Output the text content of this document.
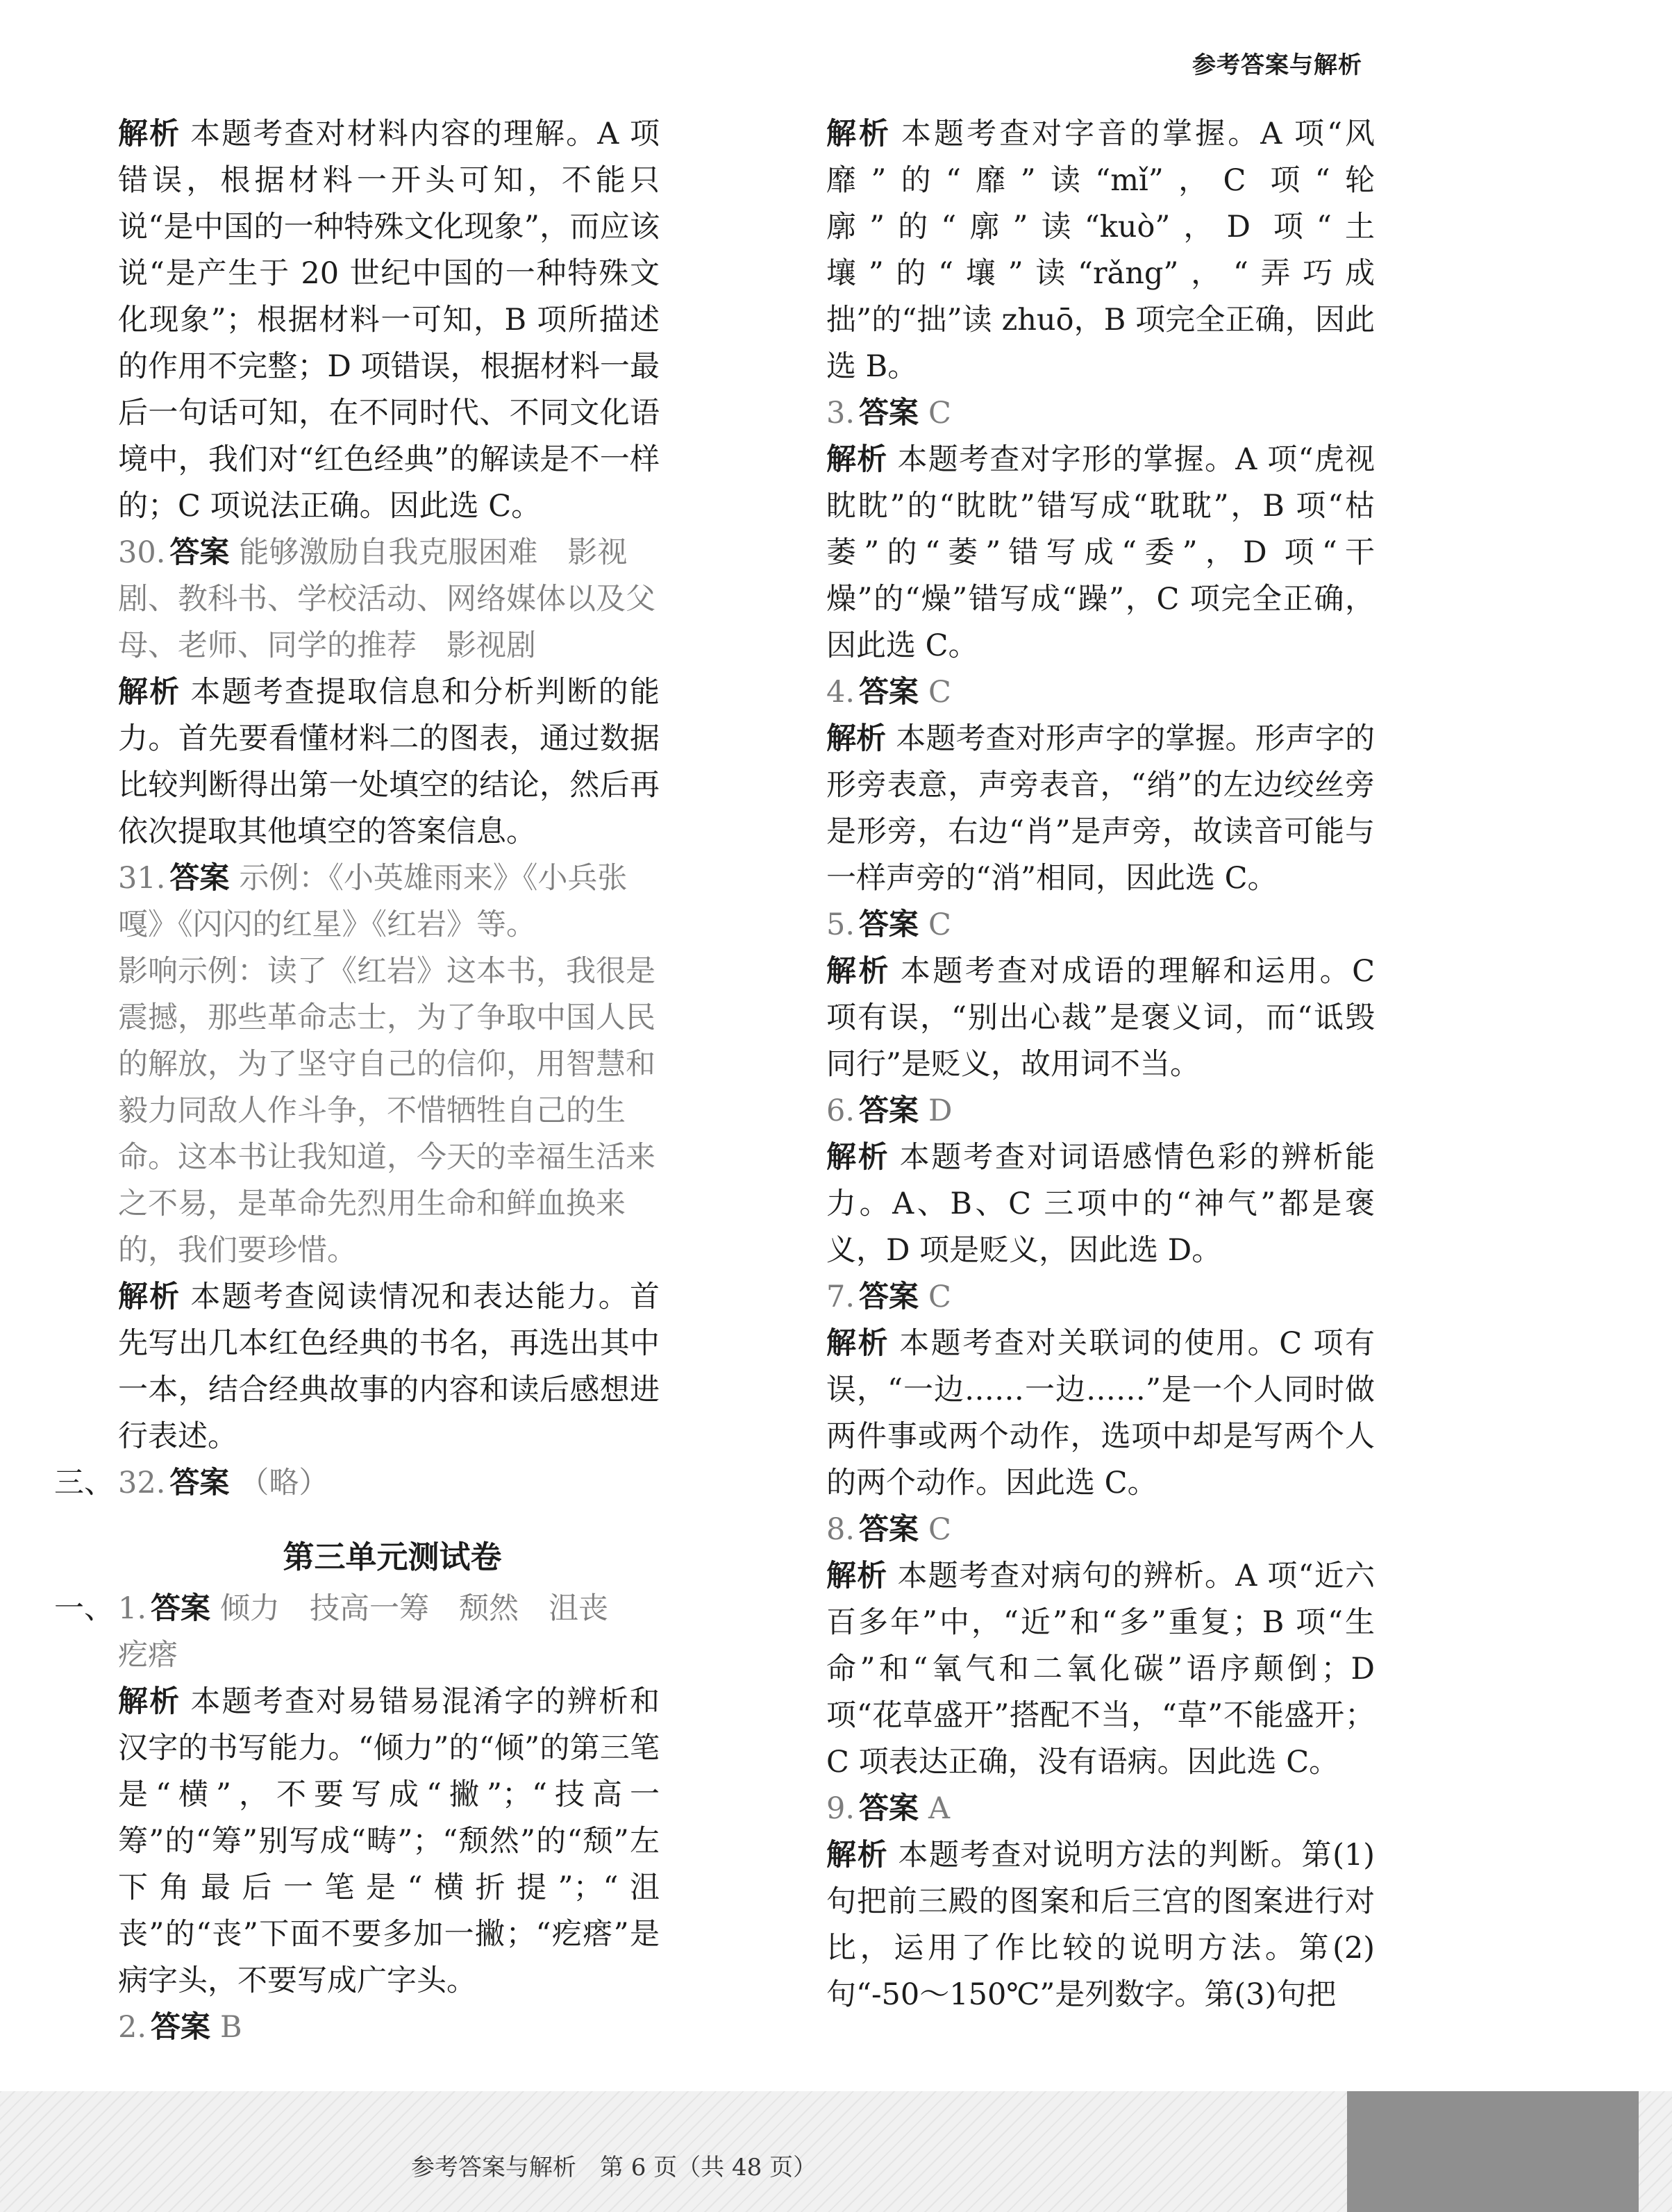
参考答案与解析

解析 本题考查对材料内容的理解。A 项错误，根据材料一开头可知，不能只说“是中国的一种特殊文化现象”，而应该说“是产生于 20 世纪中国的一种特殊文化现象”；根据材料一可知，B 项所描述的作用不完整；D 项错误，根据材料一最后一句话可知，在不同时代、不同文化语境中，我们对“红色经典”的解读是不一样的；C 项说法正确。因此选 C。

30. 答案 能够激励自我克服困难　影视剧、教科书、学校活动、网络媒体以及父母、老师、同学的推荐　影视剧

解析 本题考查提取信息和分析判断的能力。首先要看懂材料二的图表，通过数据比较判断得出第一处填空的结论，然后再依次提取其他填空的答案信息。

31. 答案 示例：《小英雄雨来》《小兵张嘎》《闪闪的红星》《红岩》等。

影响示例：读了《红岩》这本书，我很是震撼，那些革命志士，为了争取中国人民的解放，为了坚守自己的信仰，用智慧和毅力同敌人作斗争，不惜牺牲自己的生命。这本书让我知道，今天的幸福生活来之不易，是革命先烈用生命和鲜血换来的，我们要珍惜。

解析 本题考查阅读情况和表达能力。首先写出几本红色经典的书名，再选出其中一本，结合经典故事的内容和读后感想进行表述。

三、 32. 答案 （略）

第三单元测试卷

一、 1. 答案 倾力　技高一筹　颓然　沮丧　疙瘩

解析 本题考查对易错易混淆字的辨析和汉字的书写能力。“倾力”的“倾”的第三笔是“横”，不要写成“撇”；“技高一筹”的“筹”别写成“畴”；“颓然”的“颓”左下角最后一笔是“横折提”；“沮丧”的“丧”下面不要多加一撇；“疙瘩”是病字头，不要写成广字头。

2. 答案 B

解析 本题考查对字音的掌握。A 项“风靡”的“靡”读“mǐ”，C 项“轮廓”的“廓”读“kuò”，D 项“土壤”的“壤”读“rǎng”，“弄巧成拙”的“拙”读 zhuō，B 项完全正确，因此选 B。

3. 答案 C

解析 本题考查对字形的掌握。A 项“虎视眈眈”的“眈眈”错写成“耽耽”，B 项“枯萎”的“萎”错写成“委”，D 项“干燥”的“燥”错写成“躁”，C 项完全正确，因此选 C。

4. 答案 C

解析 本题考查对形声字的掌握。形声字的形旁表意，声旁表音，“绡”的左边绞丝旁是形旁，右边“肖”是声旁，故读音可能与一样声旁的“消”相同，因此选 C。

5. 答案 C

解析 本题考查对成语的理解和运用。C 项有误，“别出心裁”是褒义词，而“诋毁同行”是贬义，故用词不当。

6. 答案 D

解析 本题考查对词语感情色彩的辨析能力。A、B、C 三项中的“神气”都是褒义，D 项是贬义，因此选 D。

7. 答案 C

解析 本题考查对关联词的使用。C 项有误，“一边……一边……”是一个人同时做两件事或两个动作，选项中却是写两个人的两个动作。因此选 C。

8. 答案 C

解析 本题考查对病句的辨析。A 项“近六百多年”中，“近”和“多”重复；B 项“生命”和“氧气和二氧化碳”语序颠倒；D 项“花草盛开”搭配不当，“草”不能盛开；C 项表达正确，没有语病。因此选 C。

9. 答案 A

解析 本题考查对说明方法的判断。第(1)句把前三殿的图案和后三宫的图案进行对比，运用了作比较的说明方法。第(2)句“-50～150℃”是列数字。第(3)句把

参考答案与解析　第 6 页（共 48 页）
